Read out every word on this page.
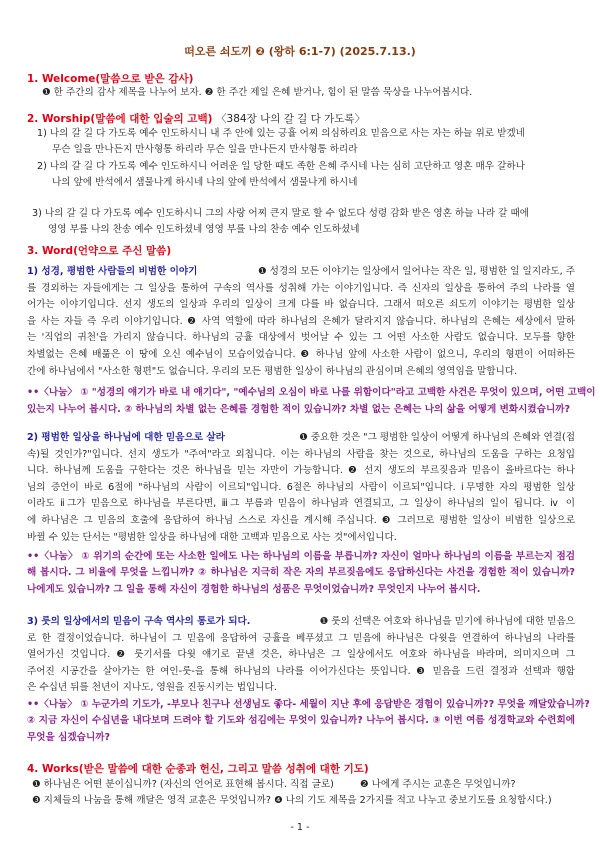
떠오른 쇠도끼 ❷ (왕하 6:1-7) (2025.7.13.)
1. Welcome(말씀으로 받은 감사)
❶ 한 주간의 감사 제목을 나누어 보자. ❷ 한 주간 제일 은혜 받거나, 힘이 된 말씀 묵상을 나누어봅시다.
2. Worship(말씀에 대한 입술의 고백) 〈384장 나의 갈 길 다 가도록〉
1) 나의 갈 길 다 가도록 예수 인도하시니 내 주 안에 있는 긍휼 어찌 의심하리요 믿음으로 사는 자는 하늘 위로 받겠네
무슨 일을 만나든지 만사형통 하리라 무슨 일을 만나든지 만사형통 하리라
2) 나의 갈 길 다 가도록 예수 인도하시니 어려운 일 당한 때도 족한 은혜 주시네 나는 심히 고단하고 영혼 매우 갈하나
나의 앞에 반석에서 샘물나게 하시네 나의 앞에 반석에서 샘물나게 하시네
3) 나의 갈 길 다 가도록 예수 인도하시니 그의 사랑 어찌 큰지 말로 할 수 없도다 성령 감화 받은 영혼 하늘 나라 갈 때에
영영 부를 나의 찬송 예수 인도하셨네 영영 부를 나의 찬송 예수 인도하셨네
3. Word(언약으로 주신 말씀)
1) 성경, 평범한 사람들의 비범한 이야기	❶ 성경의 모든 이야기는 일상에서 일어나는 작은 일, 평범한 일 일지라도, 주
를 경외하는 자들에게는 그 일상을 통하여 구속의 역사를 성취해 가는 이야기입니다. 즉 신자의 일상을 통하여 주의 나라를 열
어가는 이야기입니다. 선지 생도의 일상과 우리의 일상이 크게 다를 바 없습니다. 그래서 떠오른 쇠도끼 이야기는 평범한 일상
을 사는 자들 즉 우리 이야기입니다. ❷ 사역 역할에 따라 하나님의 은혜가 달라지지 않습니다. 하나님의 은혜는 세상에서 말하
는 '직업의 귀천'을 가리지 않습니다. 하나님의 긍휼 대상에서 벗어날 수 있는 그 어떤 사소한 사람도 없습니다. 모두를 향한
차별없는 은혜 배풂은 이 땅에 오신 예수님이 모습이었습니다. ❸ 하나님 앞에 사소한 사람이 없으니, 우리의 형편이 어떠하든
간에 하나님에서 "사소한 형편"도 없습니다. 우리의 모든 평범한 일상이 하나님의 관심이며 은혜의 영역임을 말합니다.
••〈나눔〉 ① "성경의 얘기가 바로 내 얘기다", "예수님의 오심이 바로 나를 위함이다"라고 고백한 사건은 무엇이 있으며, 어떤 고백이
있는지 나누어 봅시다. ② 하나님의 차별 없는 은혜를 경험한 적이 있습니까? 차별 없는 은혜는 나의 삶을 어떻게 변화시켰습니까?
2) 평범한 일상을 하나님에 대한 믿음으로 살라	❶ 중요한 것은 "그 평범한 일상이 어떻게 하나님의 은혜와 연결(접
속)될 것인가?"입니다. 선지 생도가 "주여"라고 외칩니다. 이는 하나님의 사람을 찾는 것으로, 하나님의 도움을 구하는 요청입
니다. 하나님께 도움을 구한다는 것은 하나님을 믿는 자만이 가능합니다. ❷ 선지 생도의 부르짖음과 믿음이 올바르다는 하나
님의 증언이 바로 6절에 "하나님의 사람이 이르되"입니다. 6절은 하나님의 사람이 이르되"입니다. ⅰ무명한 자의 평범한 일상
이라도 ⅱ그가 믿음으로 하나님을 부른다면, ⅲ그 부름과 믿음이 하나님과 연결되고, 그 일상이 하나님의 일이 됩니다. ⅳ 이
에 하나님은 그 믿음의 호출에 응답하여 하나님 스스로 자신을 계시해 주십니다. ❸ 그러므로 평범한 일상이 비범한 일상으로
바뀔 수 있는 단서는 "평범한 일상을 하나님에 대한 고백과 믿음으로 사는 것"에서입니다.
••〈나눔〉 ① 위기의 순간에 또는 사소한 일에도 나는 하나님의 이름을 부릅니까? 자신이 얼마나 하나님의 이름을 부르는지 점검
해 봅시다. 그 비율에 무엇을 느낍니까? ② 하나님은 지극히 작은 자의 부르짖음에도 응답하신다는 사건을 경험한 적이 있습니까?
나에게도 있습니까? 그 일을 통해 자신이 경험한 하나님의 성품은 무엇이었습니까? 무엇인지 나누어 봅시다.
3) 룻의 일상에서의 믿음이 구속 역사의 통로가 되다.	❶ 룻의 선택은 여호와 하나님을 믿기에 하나님에 대한 믿음으
로 한 결정이었습니다. 하나님이 그 믿음에 응답하여 긍휼을 베푸셨고 그 믿음에 하나님은 다윗을 연결하여 하나님의 나라를
열어가신 것입니다. ❷ 룻기서를 다윗 얘기로 끝낸 것은, 하나님은 그 일상에서도 여호와 하나님을 바라며, 의미지으며 그
주어진 시공간을 살아가는 한 여인-룻-을 통해 하나님의 나라를 이어가신다는 뜻입니다. ❸ 믿음을 드린 결정과 선택과 행함
은 수십년 뒤를 천년이 지나도, 영원을 진동시키는 법입니다.
••〈나눔〉 ① 누군가의 기도가, -부모나 친구나 선생님도 좋다- 세월이 지난 후에 응답받은 경험이 있습니까?? 무엇을 깨달았습니까?
② 지금 자신이 수십년을 내다보며 드려야 할 기도와 섬김에는 무엇이 있습니까? 나누어 봅시다. ③ 이번 여름 성경학교와 수련회에
무엇을 심겠습니까?
4. Works(받은 말씀에 대한 순종과 헌신, 그리고 말씀 성취에 대한 기도)
❶ 하나님은 어떤 분이십니까? (자신의 언어로 표현해 봅시다. 직접 글로)	❷ 나에게 주시는 교훈은 무엇입니까?
❸ 지체들의 나눔을 통해 깨달은 영적 교훈은 무엇입니까? ❹ 나의 기도 제목을 2가지를 적고 나누고 중보기도를 요청합시다.)
- 1 -
